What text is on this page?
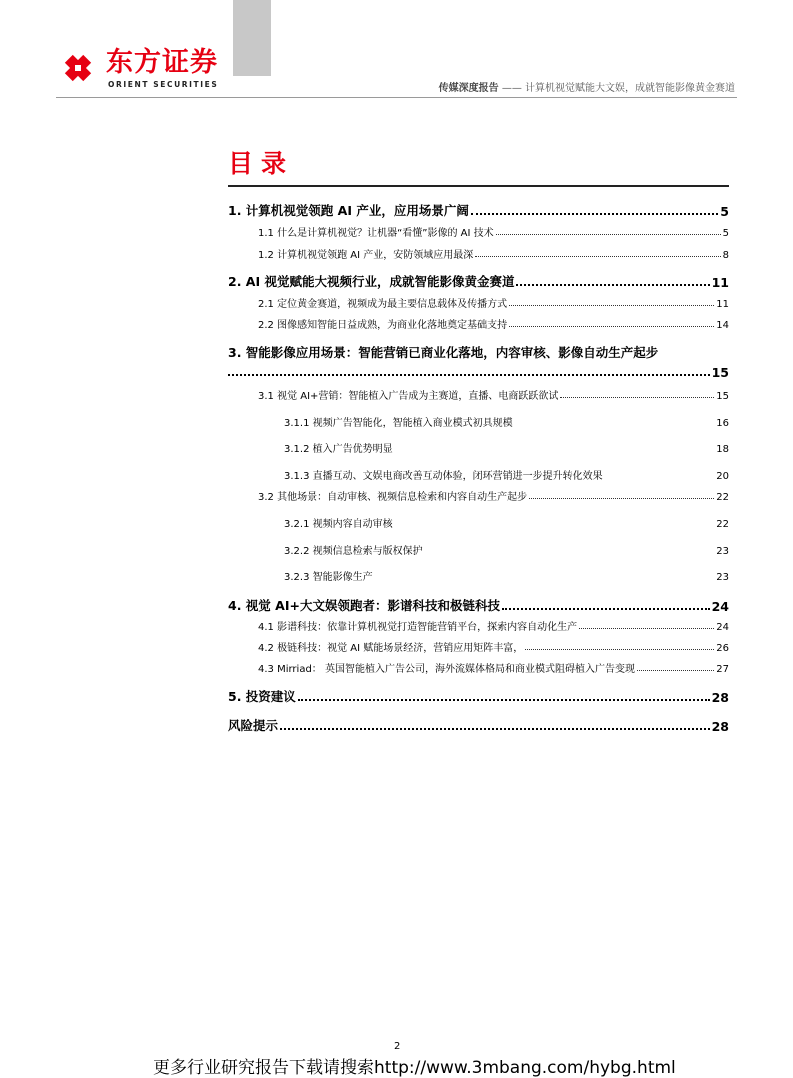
东方证券
ORIENT SECURITIES	传媒深度报告 —— 计算机视觉赋能大文娱，成就智能影像黄金赛道
目录
1. 计算机视觉领跑 AI 产业，应用场景广阔	5
1.1 什么是计算机视觉？让机器“看懂”影像的 AI 技术	5
1.2 计算机视觉领跑 AI 产业，安防领域应用最深	8
2. AI 视觉赋能大视频行业，成就智能影像黄金赛道	11
2.1 定位黄金赛道，视频成为最主要信息载体及传播方式	11
2.2 图像感知智能日益成熟，为商业化落地奠定基础支持	14
3. 智能影像应用场景：智能营销已商业化落地，内容审核、影像自动生产起步
15
3.1 视觉 AI+营销：智能植入广告成为主赛道，直播、电商跃跃欲试	15
3.1.1 视频广告智能化，智能植入商业模式初具规模	16
3.1.2 植入广告优势明显	18
3.1.3 直播互动、文娱电商改善互动体验，闭环营销进一步提升转化效果	20
3.2 其他场景：自动审核、视频信息检索和内容自动生产起步	22
3.2.1 视频内容自动审核	22
3.2.2 视频信息检索与版权保护	23
3.2.3 智能影像生产	23
4. 视觉 AI+大文娱领跑者：影谱科技和极链科技	24
4.1 影谱科技：依靠计算机视觉打造智能营销平台，探索内容自动化生产	24
4.2 极链科技：视觉 AI 赋能场景经济，营销应用矩阵丰富，	26
4.3 Mirriad： 英国智能植入广告公司，海外流媒体格局和商业模式阻碍植入广告变现	27
5. 投资建议	28
风险提示	28
2
更多行业研究报告下载请搜索http://www.3mbang.com/hybg.html
